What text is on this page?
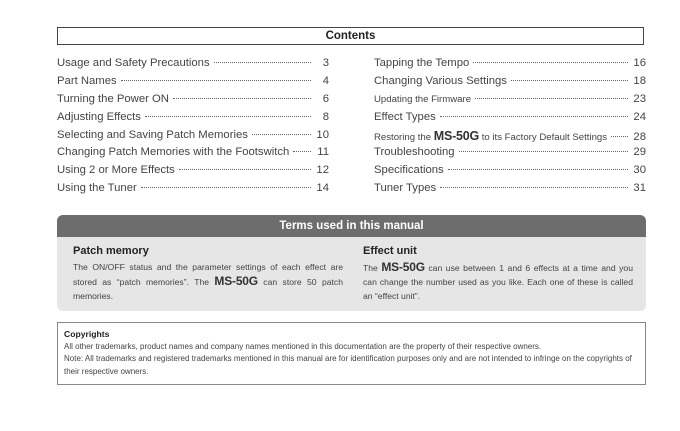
Contents
Usage and Safety Precautions	3
Part Names	4
Turning the Power ON	6
Adjusting Effects	8
Selecting and Saving Patch Memories	10
Changing Patch Memories with the Footswitch 11
Using 2 or More Effects	12
Using the Tuner	14
Tapping the Tempo	16
Changing Various Settings	18
Updating the Firmware	23
Effect Types	24
Restoring the MS-50G to its Factory Default Settings 28
Troubleshooting	29
Specifications	30
Tuner Types	31
Terms used in this manual
Patch memory
The ON/OFF status and the parameter settings of each effect are stored as “patch memories”. The MS-50G can store 50 patch memories.
Effect unit
The MS-50G can use between 1 and 6 effects at a time and you can change the number used as you like. Each one of these is called an “effect unit”.
Copyrights
All other trademarks, product names and company names mentioned in this documentation are the property of their respective owners.
Note: All trademarks and registered trademarks mentioned in this manual are for identification purposes only and are not intended to infringe on the copyrights of their respective owners.
